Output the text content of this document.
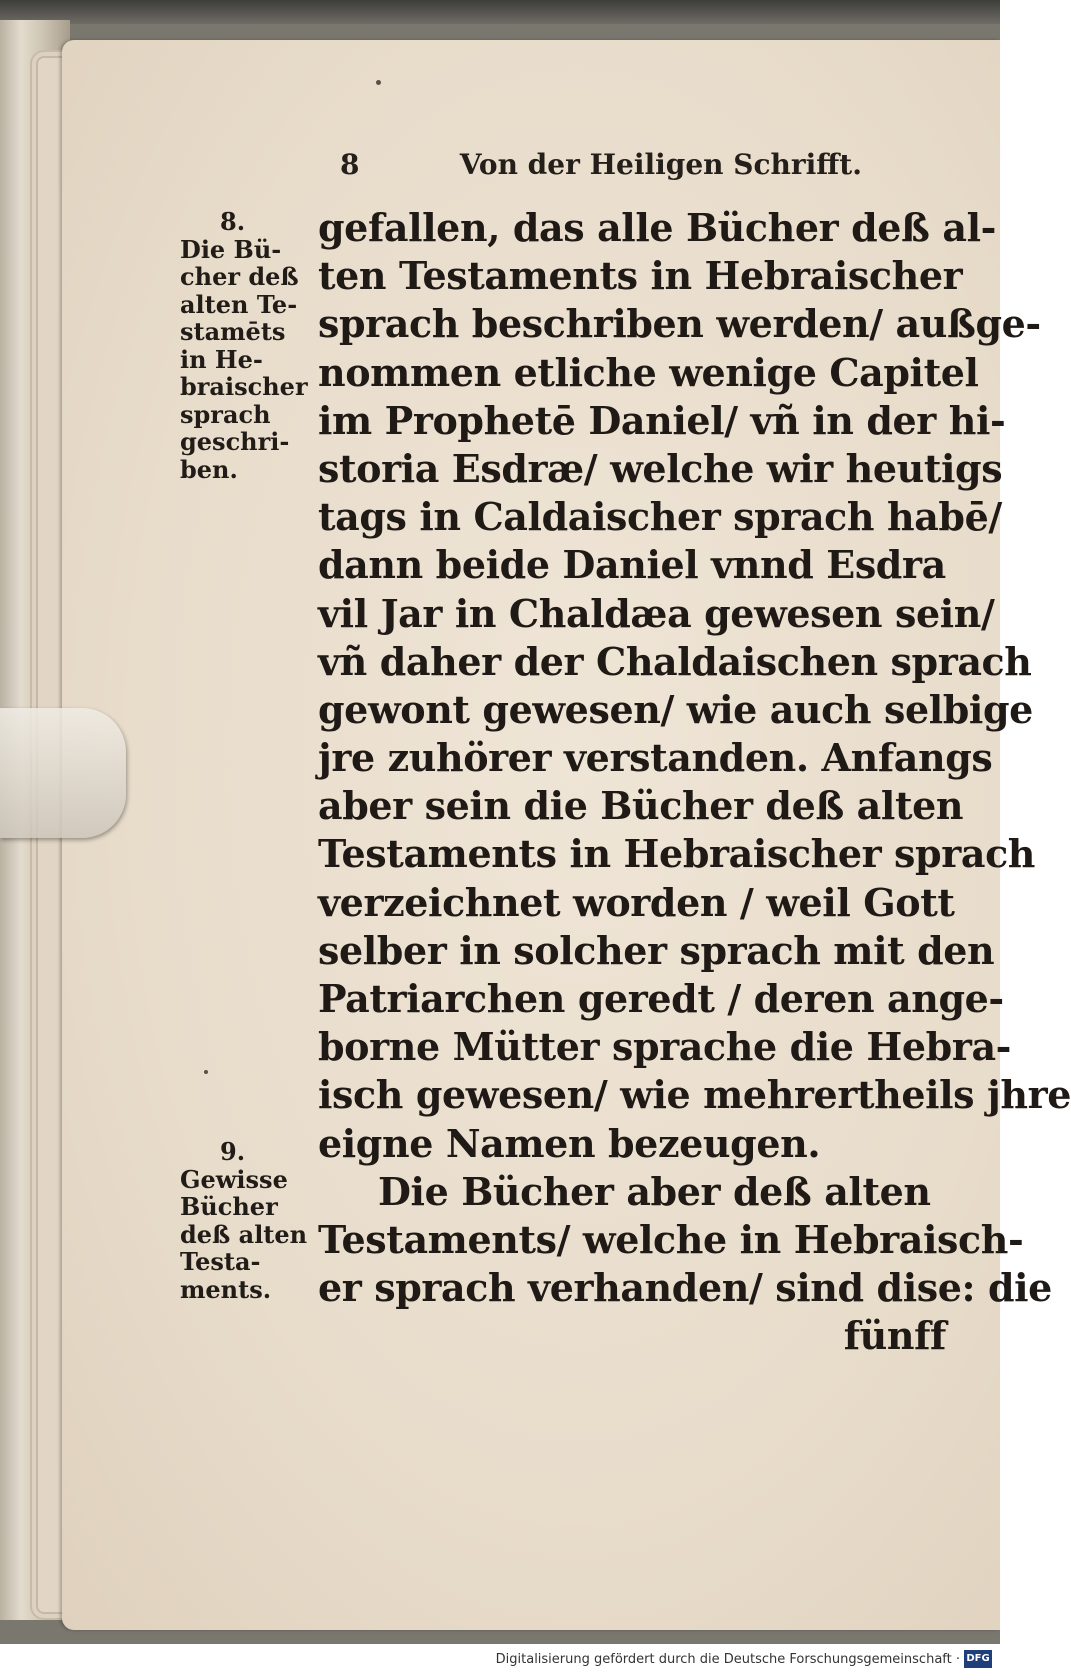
8	Von der Heiligen Schrifft.
8.
Die Bü-
cher deß
alten Te-
stamēts
in He-
braischer
sprach
geschri-
ben.
9.
Gewisse
Bücher
deß alten
Testa-
ments.
gefallen, das alle Bücher deß al-
ten Testaments in Hebraischer
sprach beschriben werden/ außge-
nommen etliche wenige Capitel
im Prophetē Daniel/ vñ in der hi-
storia Esdræ/ welche wir heutigs
tags in Caldaischer sprach habē/
dann beide Daniel vnnd Esdra
vil Jar in Chaldæa gewesen sein/
vñ daher der Chaldaischen sprach
gewont gewesen/ wie auch selbige
jre zuhörer verstanden. Anfangs
aber sein die Bücher deß alten
Testaments in Hebraischer sprach
verzeichnet worden / weil Gott
selber in solcher sprach mit den
Patriarchen geredt / deren ange-
borne Mütter sprache die Hebra-
isch gewesen/ wie mehrertheils jhre
eigne Namen bezeugen.
Die Bücher aber deß alten
Testaments/ welche in Hebraisch-
er sprach verhanden/ sind dise: die
fünff
Digitalisierung gefördert durch die Deutsche Forschungsgemeinschaft · DFG
